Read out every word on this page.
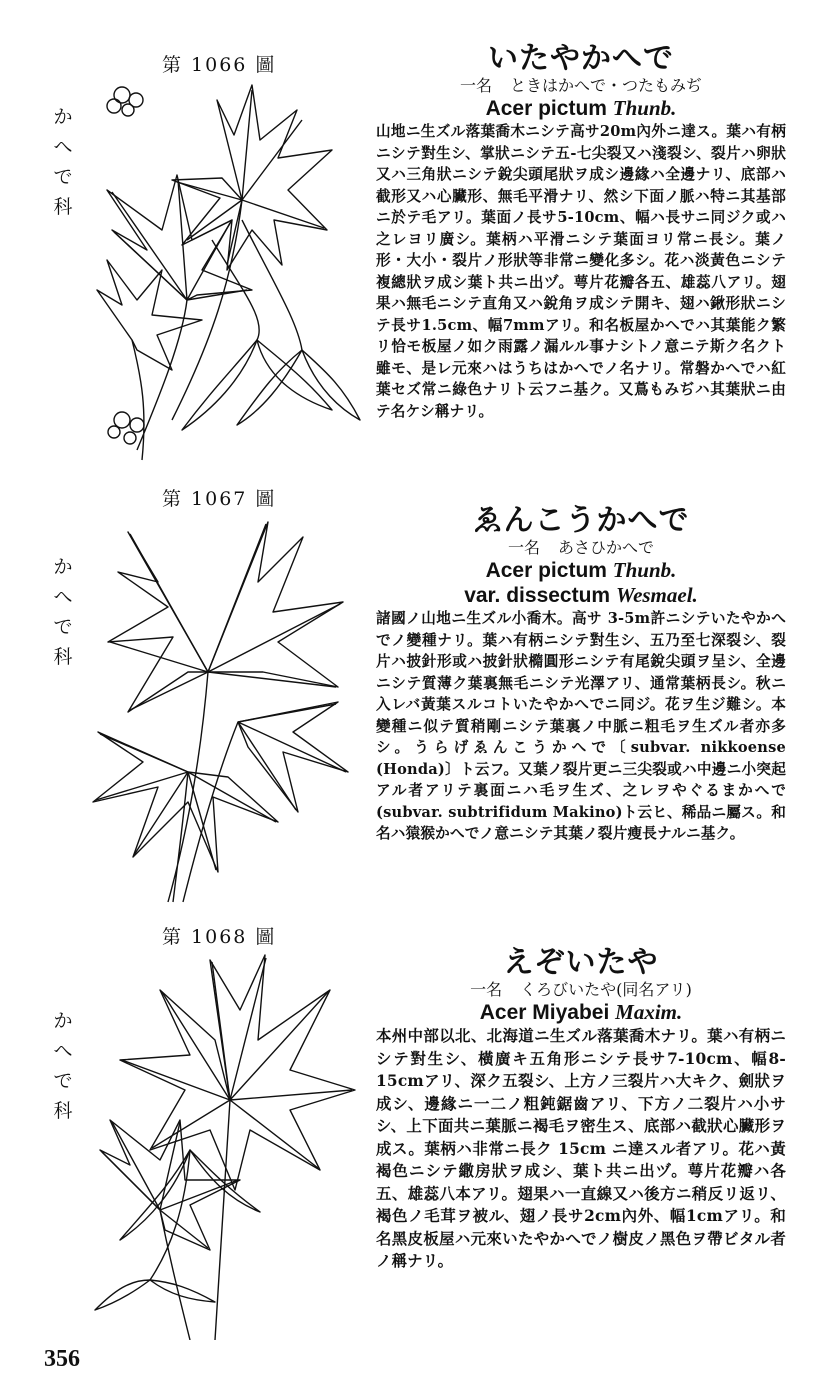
第 1066 圖
か
へ
で
科
いたやかへで
一名 ときはかへで・つたもみぢ
Acer pictum Thunb.
山地ニ生ズル落葉喬木ニシテ高サ20m內外ニ達ス。葉ハ有柄ニシテ對生シ、掌狀ニシテ五-七尖裂又ハ淺裂シ、裂片ハ卵狀又ハ三角狀ニシテ銳尖頭尾狀ヲ成シ邊緣ハ全邊ナリ、底部ハ截形又ハ心臟形、無毛平滑ナリ、然シ下面ノ脈ハ特ニ其基部ニ於テ毛アリ。葉面ノ長サ5-10cm、幅ハ長サニ同ジク或ハ之レヨリ廣シ。葉柄ハ平滑ニシテ葉面ヨリ常ニ長シ。葉ノ形・大小・裂片ノ形狀等非常ニ變化多シ。花ハ淡黃色ニシテ複總狀ヲ成シ葉ト共ニ出ヅ。萼片花瓣各五、雄蕊八アリ。翅果ハ無毛ニシテ直角又ハ銳角ヲ成シテ開キ、翅ハ鍬形狀ニシテ長サ1.5cm、幅7mmアリ。和名板屋かへでハ其葉能ク繁リ恰モ板屋ノ如ク雨露ノ漏ルル事ナシトノ意ニテ斯ク名クト雖モ、是レ元來ハはうちはかへでノ名ナリ。常磐かへでハ紅葉セズ常ニ綠色ナリト云フニ基ク。又蔦もみぢハ其葉狀ニ由テ名ケシ稱ナリ。
第 1067 圖
か
へ
で
科
ゑんこうかへで
一名 あさひかへで
Acer pictum Thunb.
var. dissectum Wesmael.
諸國ノ山地ニ生ズル小喬木。高サ 3-5m許ニシテいたやかへでノ變種ナリ。葉ハ有柄ニシテ對生シ、五乃至七深裂シ、裂片ハ披針形或ハ披針狀橢圓形ニシテ有尾銳尖頭ヲ呈シ、全邊ニシテ質薄ク葉裏無毛ニシテ光澤アリ、通常葉柄長シ。秋ニ入レバ黃葉スルコトいたやかへでニ同ジ。花ヲ生ジ難シ。本變種ニ似テ質稍剛ニシテ葉裏ノ中脈ニ粗毛ヲ生ズル者亦多シ。うらげゑんこうかへで〔subvar. nikkoense (Honda)〕ト云フ。又葉ノ裂片更ニ三尖裂或ハ中邊ニ小突起アル者アリテ裏面ニハ毛ヲ生ズ、之レヲやぐるまかへで(subvar. subtrifidum Makino)ト云ヒ、稀品ニ屬ス。和名ハ猿猴かへでノ意ニシテ其葉ノ裂片瘦長ナルニ基ク。
第 1068 圖
か
へ
で
科
えぞいたや
一名 くろびいたや(同名アリ)
Acer Miyabei Maxim.
本州中部以北、北海道ニ生ズル落葉喬木ナリ。葉ハ有柄ニシテ對生シ、橫廣キ五角形ニシテ長サ7-10cm、幅8-15cmアリ、深ク五裂シ、上方ノ三裂片ハ大キク、劍狀ヲ成シ、邊緣ニ一二ノ粗鈍鋸齒アリ、下方ノ二裂片ハ小サシ、上下面共ニ葉脈ニ褐毛ヲ密生ス、底部ハ截狀心臟形ヲ成ス。葉柄ハ非常ニ長ク 15cm ニ達スル者アリ。花ハ黃褐色ニシテ繖房狀ヲ成シ、葉ト共ニ出ヅ。萼片花瓣ハ各五、雄蕊八本アリ。翅果ハ一直線又ハ後方ニ稍反リ返リ、褐色ノ毛茸ヲ被ル、翅ノ長サ2cm內外、幅1cmアリ。和名黑皮板屋ハ元來いたやかへでノ樹皮ノ黑色ヲ帶ビタル者ノ稱ナリ。
356
